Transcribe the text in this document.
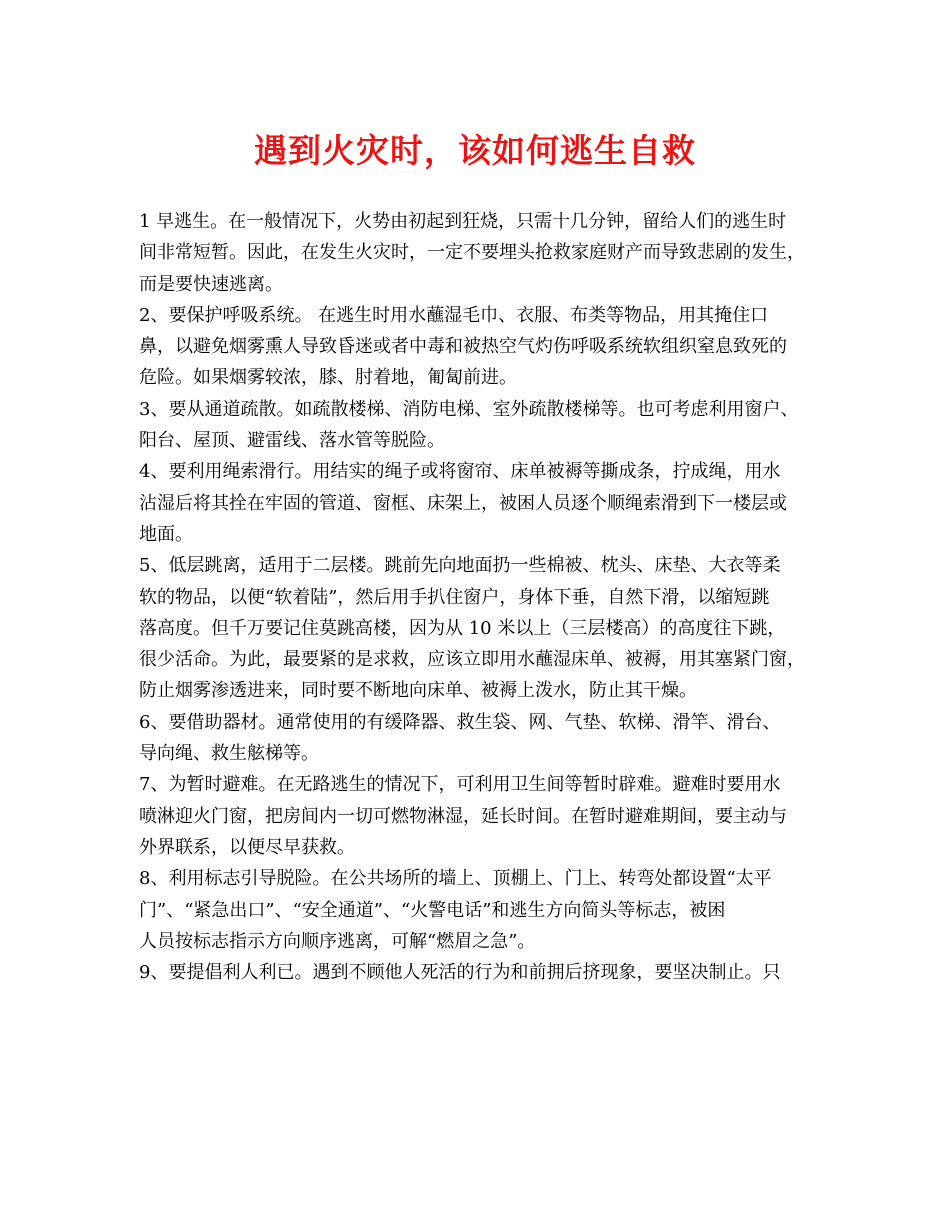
遇到火灾时，该如何逃生自救
1 早逃生。在一般情况下，火势由初起到狂烧，只需十几分钟，留给人们的逃生时
间非常短暂。因此，在发生火灾时，一定不要埋头抢救家庭财产而导致悲剧的发生，
而是要快速逃离。
2、要保护呼吸系统。 在逃生时用水蘸湿毛巾、衣服、布类等物品，用其掩住口
鼻，以避免烟雾熏人导致昏迷或者中毒和被热空气灼伤呼吸系统软组织窒息致死的
危险。如果烟雾较浓，膝、肘着地，匍匐前进。
3、要从通道疏散。如疏散楼梯、消防电梯、室外疏散楼梯等。也可考虑利用窗户、
阳台、屋顶、避雷线、落水管等脱险。
4、要利用绳索滑行。用结实的绳子或将窗帘、床单被褥等撕成条，拧成绳，用水
沾湿后将其拴在牢固的管道、窗框、床架上，被困人员逐个顺绳索滑到下一楼层或
地面。
5、低层跳离，适用于二层楼。跳前先向地面扔一些棉被、枕头、床垫、大衣等柔
软的物品，以便“软着陆”，然后用手扒住窗户，身体下垂，自然下滑，以缩短跳
落高度。但千万要记住莫跳高楼，因为从 10 米以上（三层楼高）的高度往下跳，
很少活命。为此，最要紧的是求救，应该立即用水蘸湿床单、被褥，用其塞紧门窗，
防止烟雾渗透进来，同时要不断地向床单、被褥上泼水，防止其干燥。
6、要借助器材。通常使用的有缓降器、救生袋、网、气垫、软梯、滑竿、滑台、
导向绳、救生舷梯等。
7、为暂时避难。在无路逃生的情况下，可利用卫生间等暂时辟难。避难时要用水
喷淋迎火门窗，把房间内一切可燃物淋湿，延长时间。在暂时避难期间，要主动与
外界联系，以便尽早获救。
8、利用标志引导脱险。在公共场所的墙上、顶棚上、门上、转弯处都设置“太平
门”、“紧急出口”、“安全通道”、“火警电话”和逃生方向简头等标志，被困
人员按标志指示方向顺序逃离，可解“燃眉之急”。
9、要提倡利人利已。遇到不顾他人死活的行为和前拥后挤现象，要坚决制止。只
